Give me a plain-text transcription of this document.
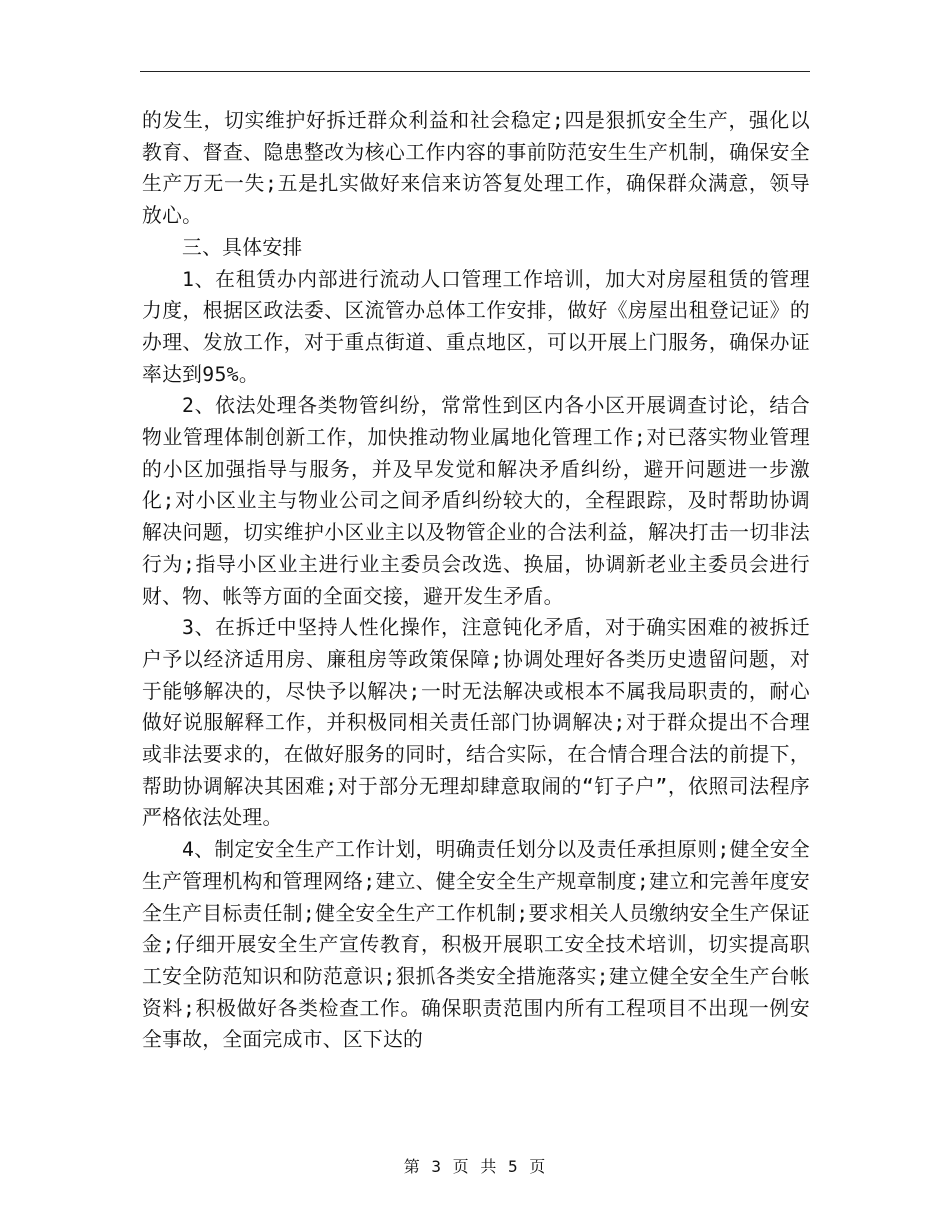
的发生，切实维护好拆迁群众利益和社会稳定;四是狠抓安全生产，强化以教育、督查、隐患整改为核心工作内容的事前防范安生生产机制，确保安全生产万无一失;五是扎实做好来信来访答复处理工作，确保群众满意，领导放心。

三、具体安排

1、在租赁办内部进行流动人口管理工作培训，加大对房屋租赁的管理力度，根据区政法委、区流管办总体工作安排，做好《房屋出租登记证》的办理、发放工作，对于重点街道、重点地区，可以开展上门服务，确保办证率达到95%。

2、依法处理各类物管纠纷，常常性到区内各小区开展调查讨论，结合物业管理体制创新工作，加快推动物业属地化管理工作;对已落实物业管理的小区加强指导与服务，并及早发觉和解决矛盾纠纷，避开问题进一步激化;对小区业主与物业公司之间矛盾纠纷较大的，全程跟踪，及时帮助协调解决问题，切实维护小区业主以及物管企业的合法利益，解决打击一切非法行为;指导小区业主进行业主委员会改选、换届，协调新老业主委员会进行财、物、帐等方面的全面交接，避开发生矛盾。

3、在拆迁中坚持人性化操作，注意钝化矛盾，对于确实困难的被拆迁户予以经济适用房、廉租房等政策保障;协调处理好各类历史遗留问题，对于能够解决的，尽快予以解决;一时无法解决或根本不属我局职责的，耐心做好说服解释工作，并积极同相关责任部门协调解决;对于群众提出不合理或非法要求的，在做好服务的同时，结合实际，在合情合理合法的前提下，帮助协调解决其困难;对于部分无理却肆意取闹的“钉子户”，依照司法程序严格依法处理。

4、制定安全生产工作计划，明确责任划分以及责任承担原则;健全安全生产管理机构和管理网络;建立、健全安全生产规章制度;建立和完善年度安全生产目标责任制;健全安全生产工作机制;要求相关人员缴纳安全生产保证金;仔细开展安全生产宣传教育，积极开展职工安全技术培训，切实提高职工安全防范知识和防范意识;狠抓各类安全措施落实;建立健全安全生产台帐资料;积极做好各类检查工作。确保职责范围内所有工程项目不出现一例安全事故，全面完成市、区下达的

第 3 页 共 5 页
